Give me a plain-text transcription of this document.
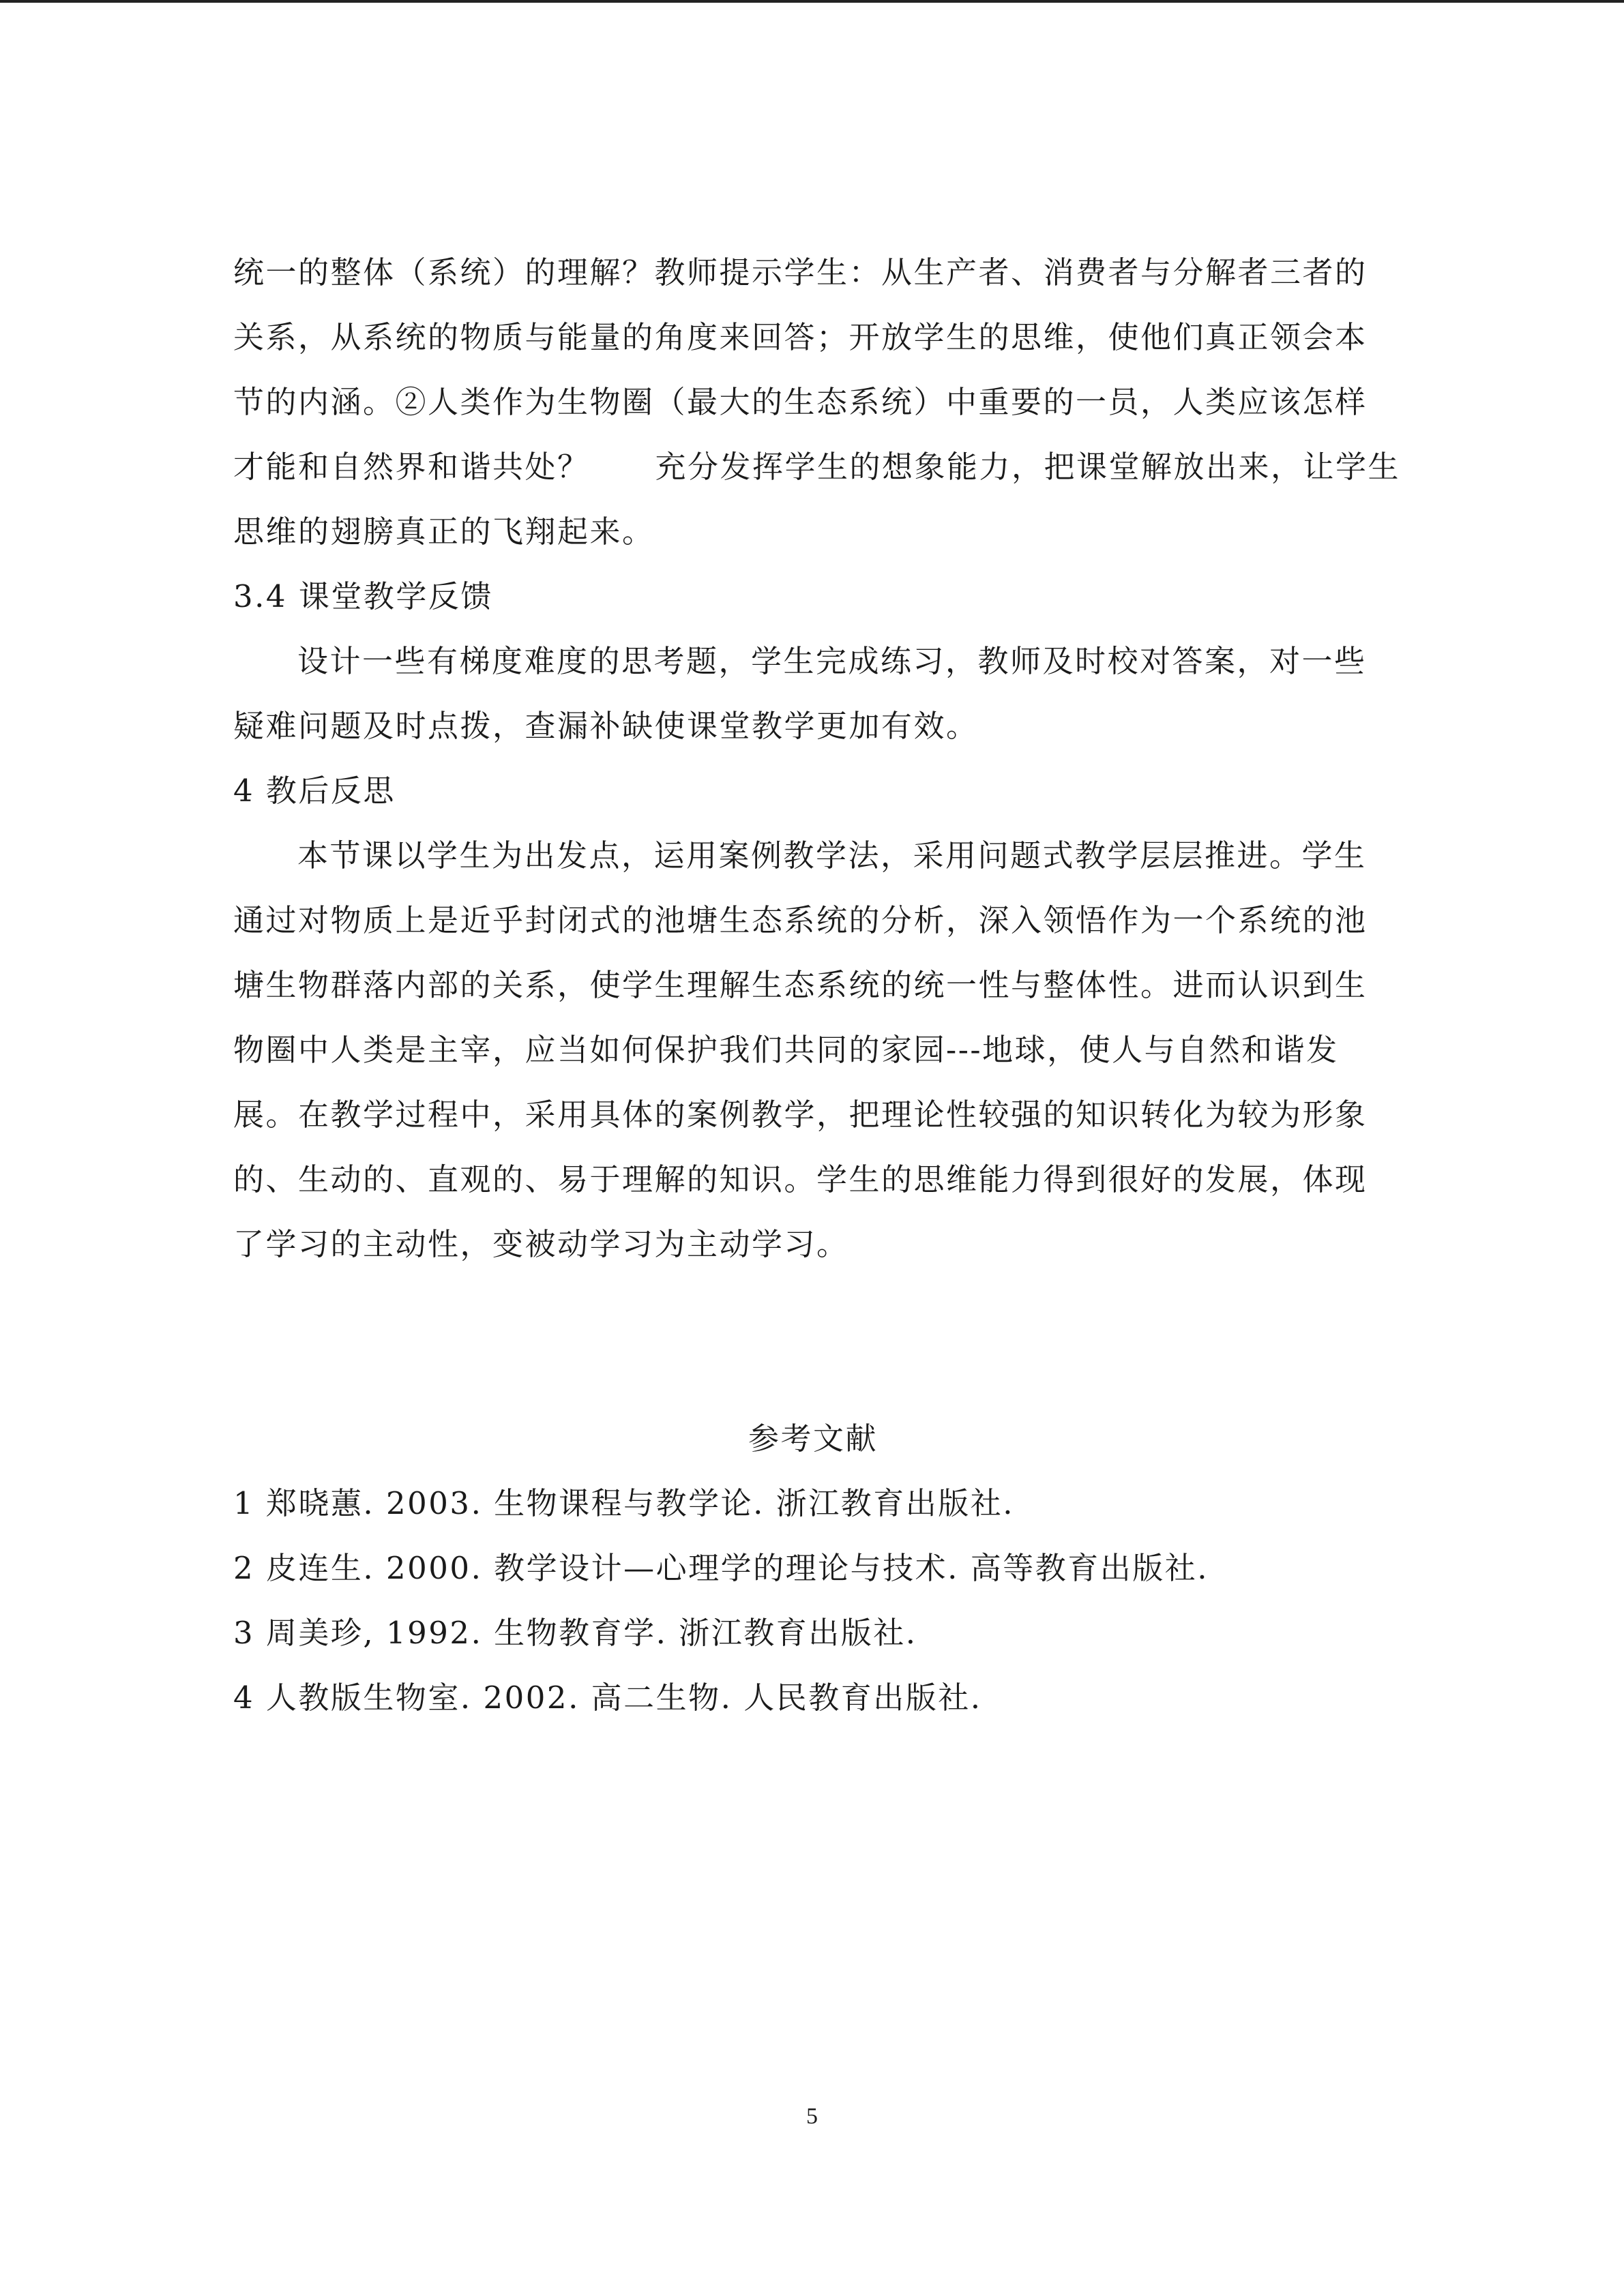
统一的整体（系统）的理解？教师提示学生：从生产者、消费者与分解者三者的
关系，从系统的物质与能量的角度来回答；开放学生的思维，使他们真正领会本
节的内涵。②人类作为生物圈（最大的生态系统）中重要的一员，人类应该怎样
才能和自然界和谐共处？ 充分发挥学生的想象能力，把课堂解放出来，让学生
思维的翅膀真正的飞翔起来。
3.4 课堂教学反馈
设计一些有梯度难度的思考题，学生完成练习，教师及时校对答案，对一些
疑难问题及时点拨，查漏补缺使课堂教学更加有效。
4 教后反思
本节课以学生为出发点，运用案例教学法，采用问题式教学层层推进。学生
通过对物质上是近乎封闭式的池塘生态系统的分析，深入领悟作为一个系统的池
塘生物群落内部的关系，使学生理解生态系统的统一性与整体性。进而认识到生
物圈中人类是主宰，应当如何保护我们共同的家园---地球，使人与自然和谐发
展。在教学过程中，采用具体的案例教学，把理论性较强的知识转化为较为形象
的、生动的、直观的、易于理解的知识。学生的思维能力得到很好的发展，体现
了学习的主动性，变被动学习为主动学习。
参考文献
1 郑晓蕙. 2003. 生物课程与教学论. 浙江教育出版社.
2 皮连生. 2000. 教学设计—心理学的理论与技术. 高等教育出版社.
3 周美珍, 1992. 生物教育学. 浙江教育出版社.
4 人教版生物室. 2002. 高二生物. 人民教育出版社.
5
